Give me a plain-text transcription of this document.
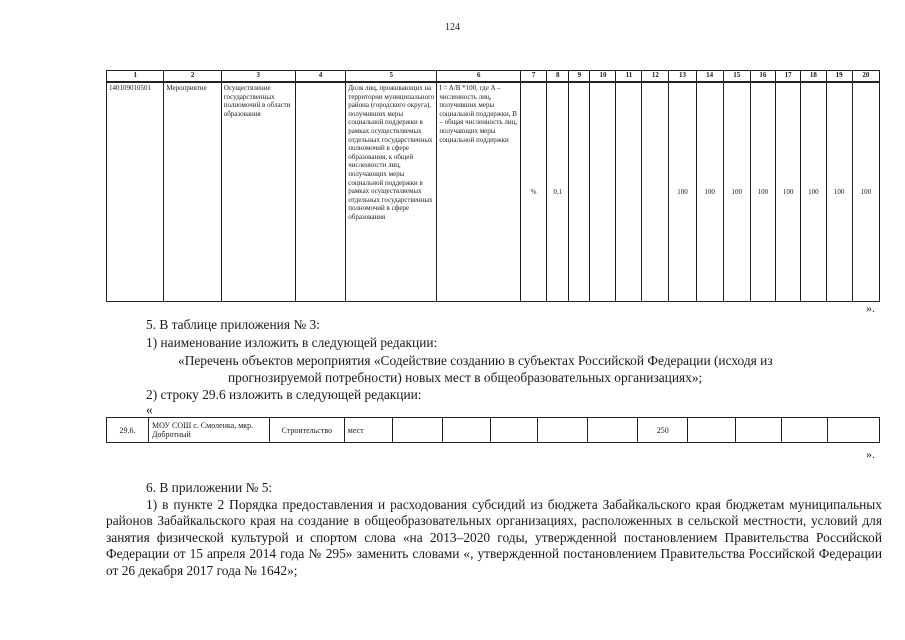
124
1	2	3	4	5	6	7	8	9	10	11	12	13	14	15	16	17	18	19	20
140109010501	Мероприятие	Осуществление государственных полномочий в области образования		Доля лиц, проживающих на территории муниципального района (городского округа), получивших меры социальной поддержки в рамках осуществляемых отдельных государственных полномочий в сфере образования, к общей численности лиц, получающих меры социальной поддержки в рамках осуществляемых отдельных государственных полномочий в сфере образования	I = A/B *100, где A – численность лиц, получивших меры социальной поддержки, B – общая численность лиц, получающих меры социальной поддержки	%	0,1					100	100	100	100	100	100	100	100
».
5. В таблице приложения № 3:
1) наименование изложить в следующей редакции:
«Перечень объектов мероприятия «Содействие созданию в субъектах Российской Федерации (исходя из
прогнозируемой потребности) новых мест в общеобразовательных организациях»;
2) строку 29.6 изложить в следующей редакции:
«
29.6.	МОУ СОШ с. Смоленка, мкр. Добротный	Строительство	мест						250				
».
6. В приложении № 5:
1) в пункте 2 Порядка предоставления и расходования субсидий из бюджета Забайкальского края бюджетам муниципальных районов Забайкальского края на создание в общеобразовательных организациях, расположенных в сельской местности, условий для занятия физической культурой и спортом слова «на 2013–2020 годы, утвержденной постановлением Правительства Российской Федерации от 15 апреля 2014 года № 295» заменить словами «, утвержденной постановлением Правительства Российской Федерации от 26 декабря 2017 года № 1642»;
